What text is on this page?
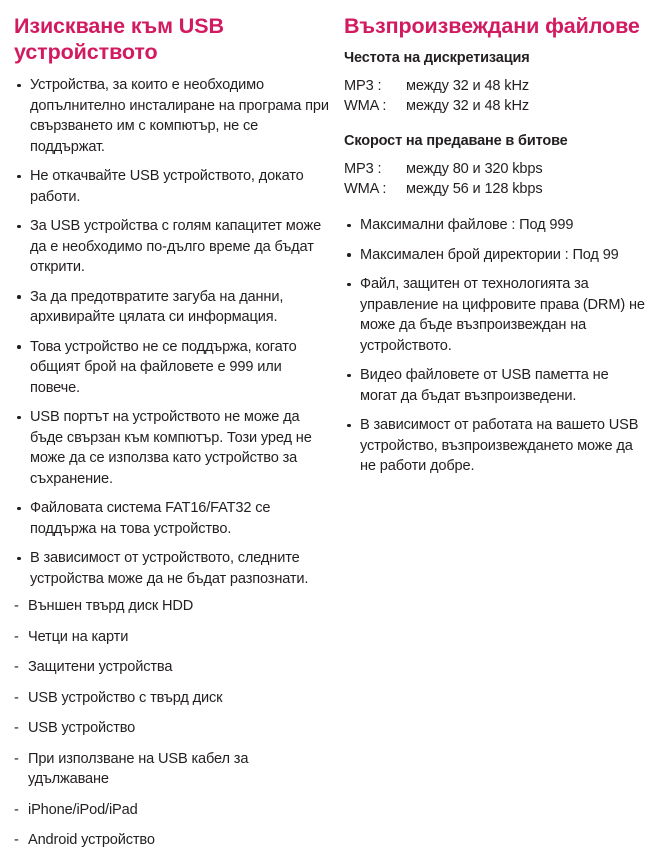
Изискване към USB устройството
Устройства, за които е необходимо допълнително инсталиране на програма при свързването им с компютър, не се поддържат.
Не откачвайте USB устройството, докато работи.
За USB устройства с голям капацитет може да е необходимо по-дълго време да бъдат открити.
За да предотвратите загуба на данни, архивирайте цялата си информация.
Това устройство не се поддържа, когато общият брой на файловете е 999 или повече.
USB портът на устройството не може да бъде свързан към компютър. Този уред не може да се използва като устройство за съхранение.
Файловата система FAT16/FAT32 се поддържа на това устройство.
В зависимост от устройството, следните устройства може да не бъдат разпознати.
- Външен твърд диск HDD
- Четци на карти
- Защитени устройства
- USB устройство с твърд диск
- USB устройство
- При използване на USB кабел за удължаване
- iPhone/iPod/iPad
- Android устройство
Възпроизвеждани файлове
Честота на дискретизация
MP3 :	между 32 и 48 kHz
WMA :	между 32 и 48 kHz
Скорост на предаване в битове
MP3 :	между 80 и 320 kbps
WMA :	между 56 и 128 kbps
Максимални файлове : Под 999
Максимален брой директории : Под 99
Файл, защитен от технологията за управление на цифровите права (DRM) не може да бъде възпроизвеждан на устройството.
Видео файловете от USB паметта не могат да бъдат възпроизведени.
В зависимост от работата на вашето USB устройство, възпроизвеждането може да не работи добре.
